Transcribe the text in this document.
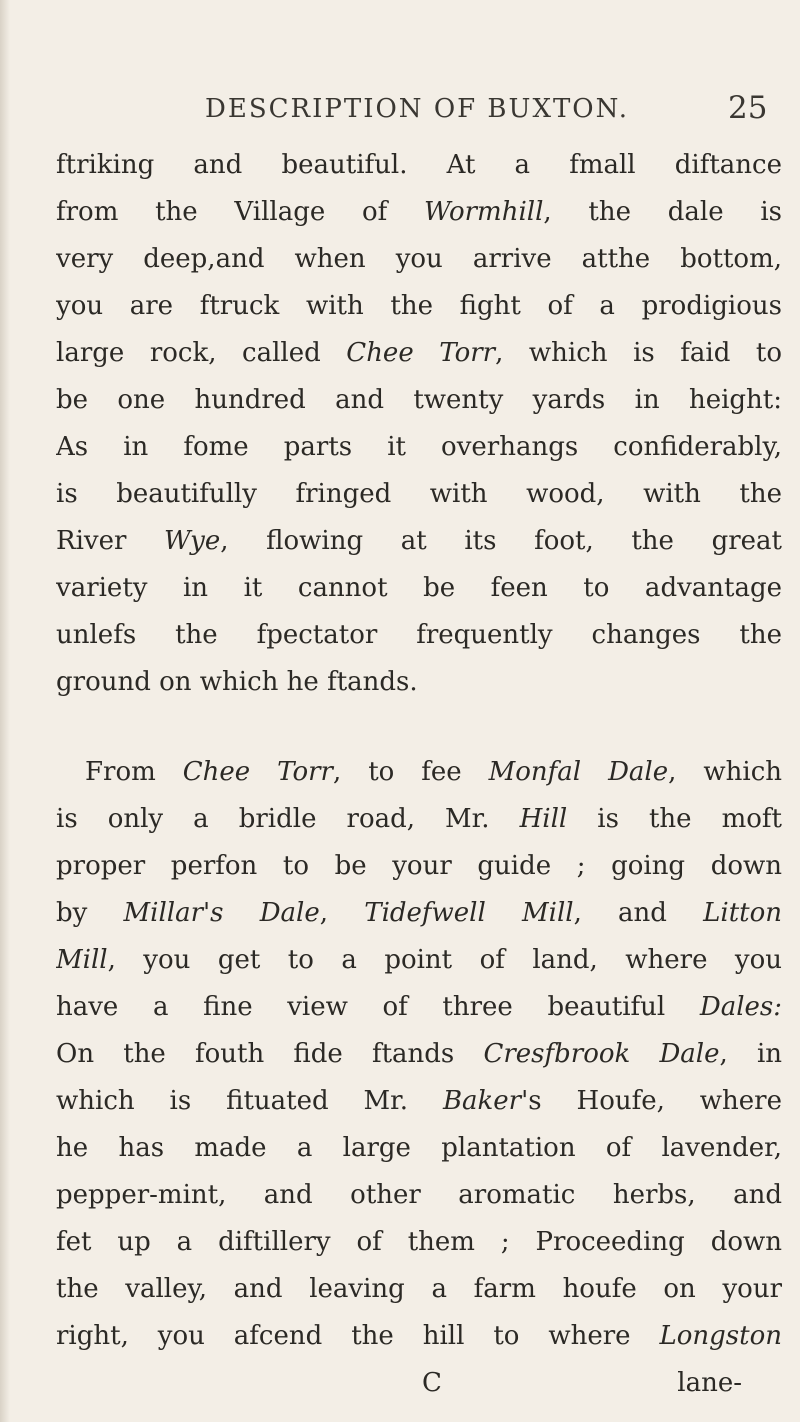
DESCRIPTION OF BUXTON.	25
ftriking and beautiful. At a fmall diftance
from the Village of Wormhill, the dale is
very deep,and when you arrive atthe bottom,
you are ftruck with the fight of a prodigious
large rock, called Chee Torr, which is faid to
be one hundred and twenty yards in height:
As in fome parts it overhangs confiderably,
is beautifully fringed with wood, with the
River Wye, flowing at its foot, the great
variety in it cannot be feen to advantage
unlefs the fpectator frequently changes the
ground on which he ftands.
From Chee Torr, to fee Monfal Dale, which
is only a bridle road, Mr. Hill is the moft
proper perfon to be your guide ; going down
by Millar's Dale, Tidefwell Mill, and Litton
Mill, you get to a point of land, where you
have a fine view of three beautiful Dales:
On the fouth fide ftands Cresfbrook Dale, in
which is fituated Mr. Baker's Houfe, where
he has made a large plantation of lavender,
pepper-mint, and other aromatic herbs, and
fet up a diftillery of them ; Proceeding down
the valley, and leaving a farm houfe on your
right, you afcend the hill to where Longston
C	lane-
